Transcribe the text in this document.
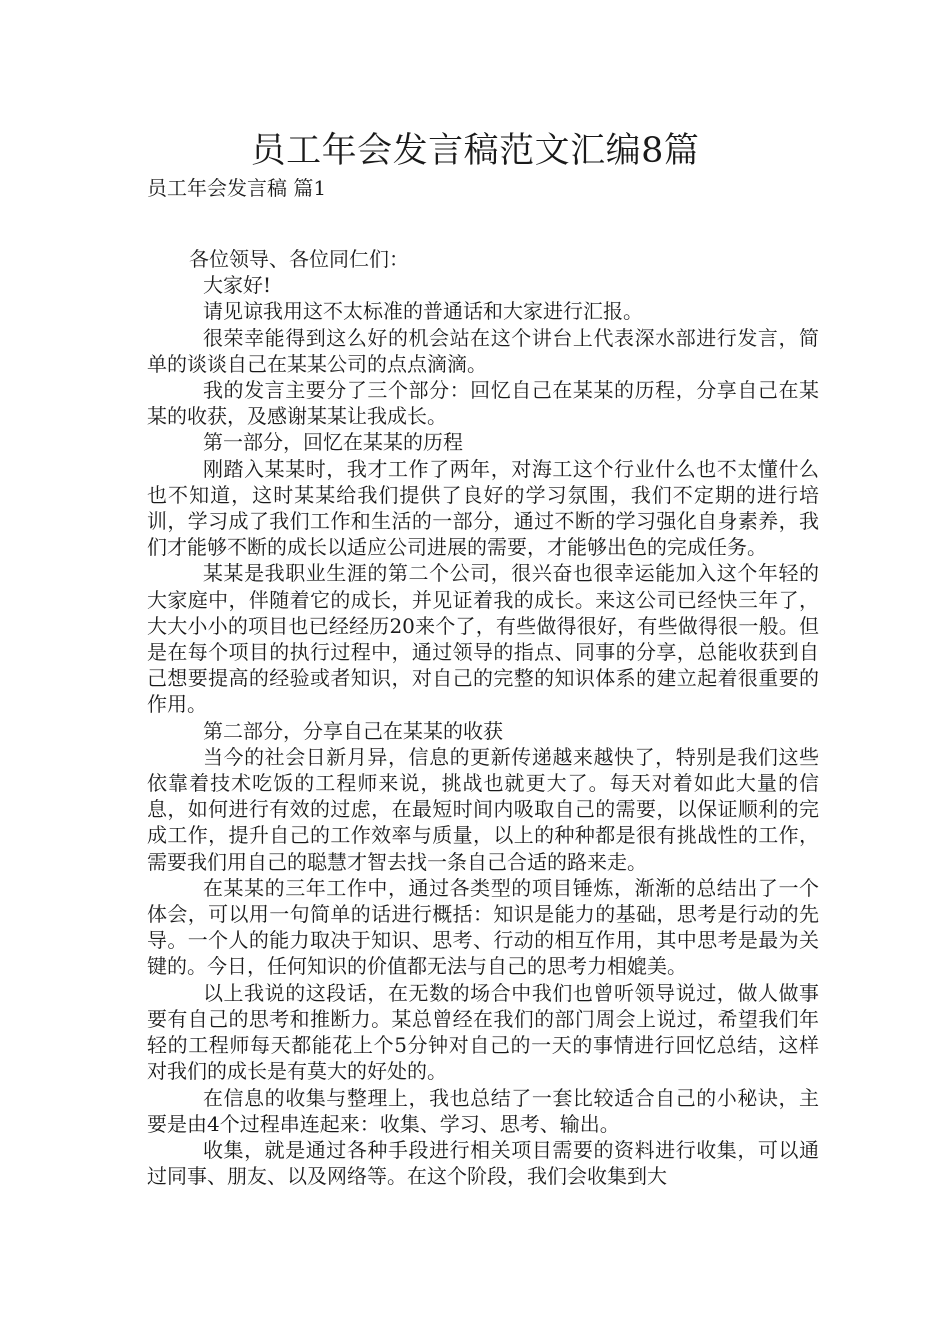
员工年会发言稿范文汇编8篇
员工年会发言稿 篇1

各位领导、各位同仁们：

大家好!

请见谅我用这不太标准的普通话和大家进行汇报。

很荣幸能得到这么好的机会站在这个讲台上代表深水部进行发言，简单的谈谈自己在某某公司的点点滴滴。

我的发言主要分了三个部分：回忆自己在某某的历程，分享自己在某某的收获，及感谢某某让我成长。

第一部分，回忆在某某的历程

刚踏入某某时，我才工作了两年，对海工这个行业什么也不太懂什么也不知道，这时某某给我们提供了良好的学习氛围，我们不定期的进行培训，学习成了我们工作和生活的一部分，通过不断的学习强化自身素养，我们才能够不断的成长以适应公司进展的需要，才能够出色的完成任务。

某某是我职业生涯的第二个公司，很兴奋也很幸运能加入这个年轻的大家庭中，伴随着它的成长，并见证着我的成长。来这公司已经快三年了，大大小小的项目也已经经历20来个了，有些做得很好，有些做得很一般。但是在每个项目的执行过程中，通过领导的指点、同事的分享，总能收获到自己想要提高的经验或者知识，对自己的完整的知识体系的建立起着很重要的作用。

第二部分，分享自己在某某的收获

当今的社会日新月异，信息的更新传递越来越快了，特别是我们这些依靠着技术吃饭的工程师来说，挑战也就更大了。每天对着如此大量的信息，如何进行有效的过虑，在最短时间内吸取自己的需要，以保证顺利的完成工作，提升自己的工作效率与质量，以上的种种都是很有挑战性的工作，需要我们用自己的聪慧才智去找一条自己合适的路来走。

在某某的三年工作中，通过各类型的项目锤炼，渐渐的总结出了一个体会，可以用一句简单的话进行概括：知识是能力的基础，思考是行动的先导。一个人的能力取决于知识、思考、行动的相互作用，其中思考是最为关键的。今日，任何知识的价值都无法与自己的思考力相媲美。

以上我说的这段话，在无数的场合中我们也曾听领导说过，做人做事要有自己的思考和推断力。某总曾经在我们的部门周会上说过，希望我们年轻的工程师每天都能花上个5分钟对自己的一天的事情进行回忆总结，这样对我们的成长是有莫大的好处的。

在信息的收集与整理上，我也总结了一套比较适合自己的小秘诀，主要是由4个过程串连起来：收集、学习、思考、输出。

收集，就是通过各种手段进行相关项目需要的资料进行收集，可以通过同事、朋友、以及网络等。在这个阶段，我们会收集到大
